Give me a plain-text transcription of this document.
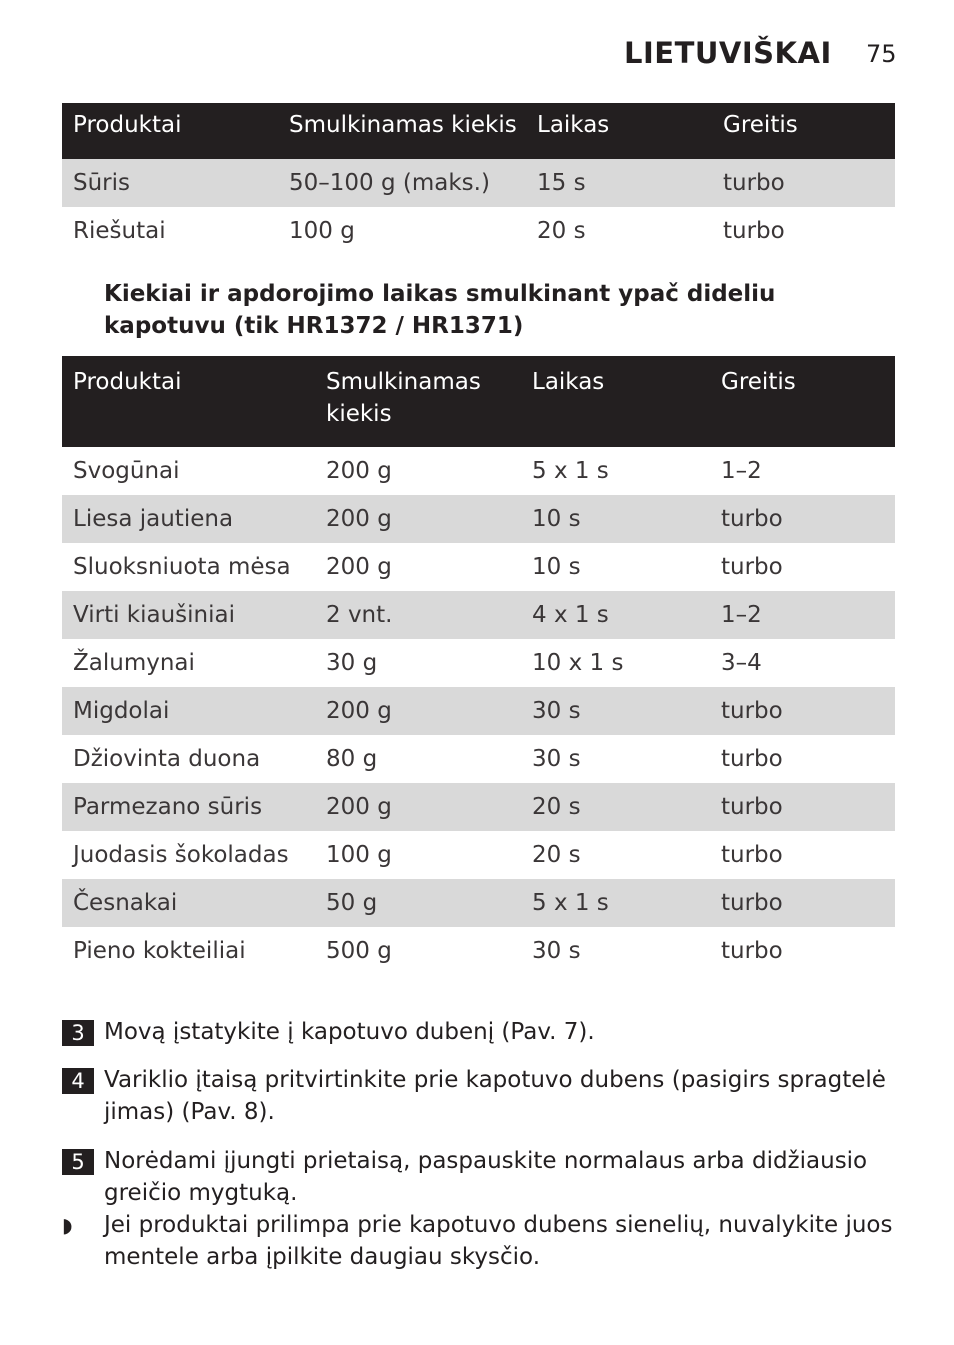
LIETUVIŠKAI 75
Produktai	Smulkinamas kiekis	Laikas	Greitis
Sūris	50–100 g (maks.)	15 s	turbo
Riešutai	100 g	20 s	turbo
Kiekiai ir apdorojimo laikas smulkinant ypač dideliu kapotuvu (tik HR1372 / HR1371)
Produktai	Smulkinamas kiekis	Laikas	Greitis
Svogūnai	200 g	5 x 1 s	1–2
Liesa jautiena	200 g	10 s	turbo
Sluoksniuota mėsa	200 g	10 s	turbo
Virti kiaušiniai	2 vnt.	4 x 1 s	1–2
Žalumynai	30 g	10 x 1 s	3–4
Migdolai	200 g	30 s	turbo
Džiovinta duona	80 g	30 s	turbo
Parmezano sūris	200 g	20 s	turbo
Juodasis šokoladas	100 g	20 s	turbo
Česnakai	50 g	5 x 1 s	turbo
Pieno kokteiliai	500 g	30 s	turbo
3 Movą įstatykite į kapotuvo dubenį (Pav. 7).
4 Variklio įtaisą pritvirtinkite prie kapotuvo dubens (pasigirs spragtelė jimas) (Pav. 8).
5 Norėdami įjungti prietaisą, paspauskite normalaus arba didžiausio greičio mygtuką.
◗ Jei produktai prilimpa prie kapotuvo dubens sienelių, nuvalykite juos mentele arba įpilkite daugiau skysčio.
